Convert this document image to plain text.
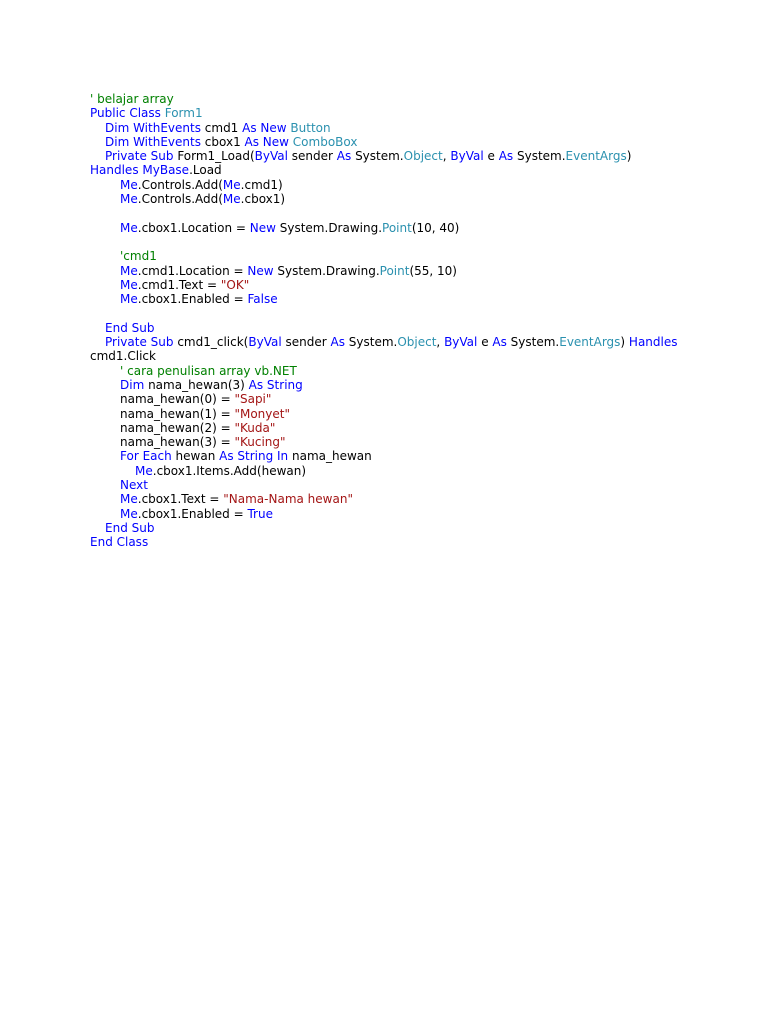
' belajar array
Public Class Form1
Dim WithEvents cmd1 As New Button
Dim WithEvents cbox1 As New ComboBox
Private Sub Form1_Load(ByVal sender As System.Object, ByVal e As System.EventArgs)
Handles MyBase.Load
Me.Controls.Add(Me.cmd1)
Me.Controls.Add(Me.cbox1)
Me.cbox1.Location = New System.Drawing.Point(10, 40)
'cmd1
Me.cmd1.Location = New System.Drawing.Point(55, 10)
Me.cmd1.Text = "OK"
Me.cbox1.Enabled = False
End Sub
Private Sub cmd1_click(ByVal sender As System.Object, ByVal e As System.EventArgs) Handles
cmd1.Click
' cara penulisan array vb.NET
Dim nama_hewan(3) As String
nama_hewan(0) = "Sapi"
nama_hewan(1) = "Monyet"
nama_hewan(2) = "Kuda"
nama_hewan(3) = "Kucing"
For Each hewan As String In nama_hewan
Me.cbox1.Items.Add(hewan)
Next
Me.cbox1.Text = "Nama-Nama hewan"
Me.cbox1.Enabled = True
End Sub
End Class
